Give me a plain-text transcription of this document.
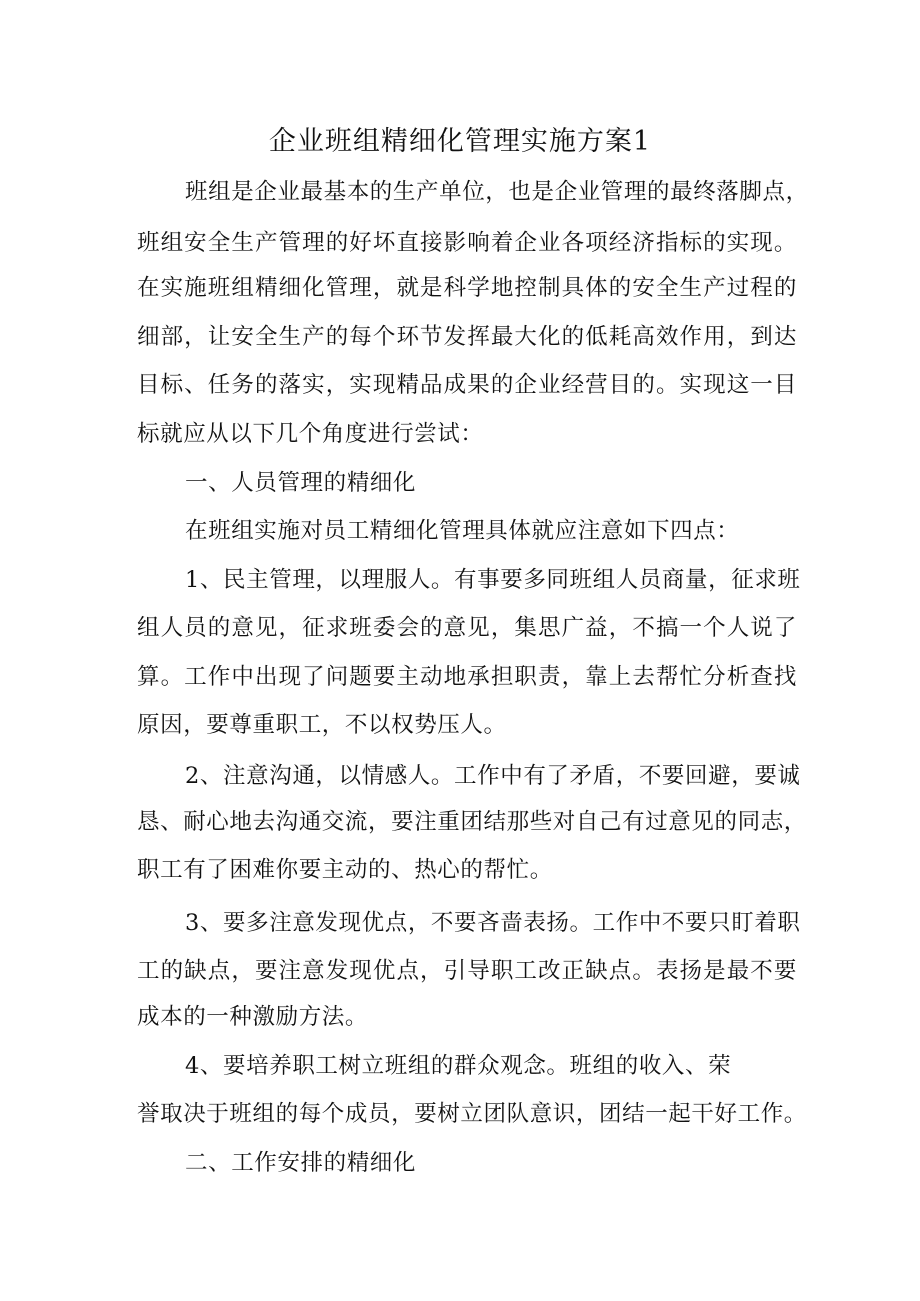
企业班组精细化管理实施方案1
班组是企业最基本的生产单位，也是企业管理的最终落脚点，
班组安全生产管理的好坏直接影响着企业各项经济指标的实现。
在实施班组精细化管理，就是科学地控制具体的安全生产过程的
细部，让安全生产的每个环节发挥最大化的低耗高效作用，到达
目标、任务的落实，实现精品成果的企业经营目的。实现这一目
标就应从以下几个角度进行尝试：
一、人员管理的精细化
在班组实施对员工精细化管理具体就应注意如下四点：
1、民主管理，以理服人。有事要多同班组人员商量，征求班
组人员的意见，征求班委会的意见，集思广益，不搞一个人说了
算。工作中出现了问题要主动地承担职责，靠上去帮忙分析查找
原因，要尊重职工，不以权势压人。
2、注意沟通，以情感人。工作中有了矛盾，不要回避，要诚
恳、耐心地去沟通交流，要注重团结那些对自己有过意见的同志，
职工有了困难你要主动的、热心的帮忙。
3、要多注意发现优点，不要吝啬表扬。工作中不要只盯着职
工的缺点，要注意发现优点，引导职工改正缺点。表扬是最不要
成本的一种激励方法。
4、要培养职工树立班组的群众观念。班组的收入、荣
誉取决于班组的每个成员，要树立团队意识，团结一起干好工作。
二、工作安排的精细化
